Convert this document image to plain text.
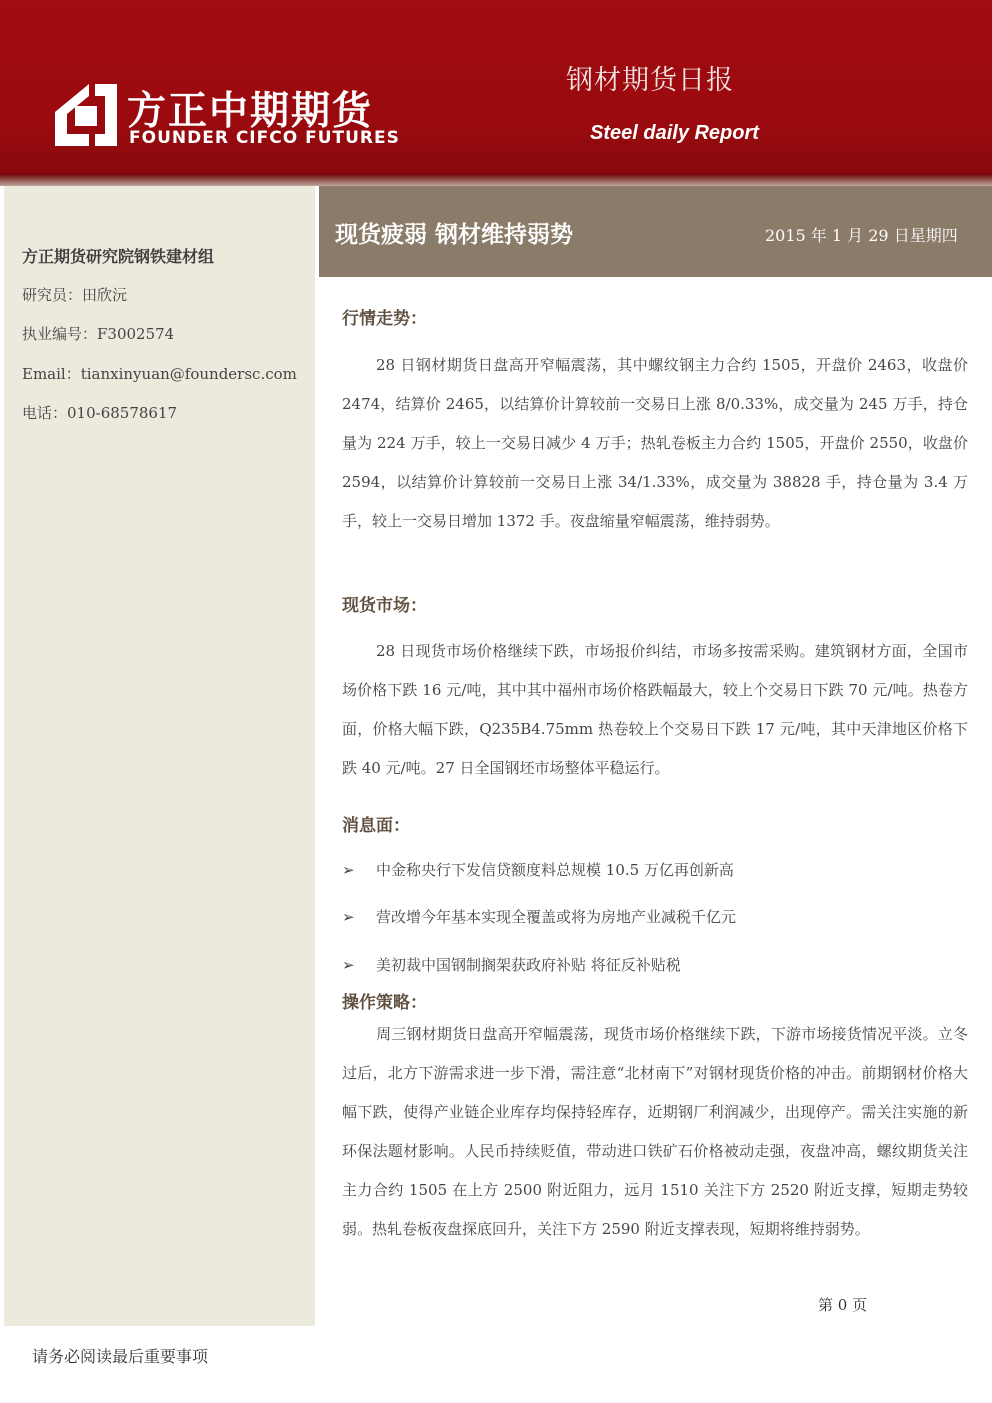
方正中期期货
FOUNDER CIFCO FUTURES
钢材期货日报
Steel daily Report
方正期货研究院钢铁建材组
研究员：田欣沅
执业编号：F3002574
Email：tianxinyuan@foundersc.com
电话：010-68578617
现货疲弱 钢材维持弱势	2015 年 1 月 29 日星期四
行情走势：

28 日钢材期货日盘高开窄幅震荡，其中螺纹钢主力合约 1505，开盘价 2463，收盘价 2474，结算价 2465，以结算价计算较前一交易日上涨 8/0.33%，成交量为 245 万手，持仓量为 224 万手，较上一交易日减少 4 万手；热轧卷板主力合约 1505，开盘价 2550，收盘价 2594，以结算价计算较前一交易日上涨 34/1.33%，成交量为 38828 手，持仓量为 3.4 万手，较上一交易日增加 1372 手。夜盘缩量窄幅震荡，维持弱势。

现货市场：

28 日现货市场价格继续下跌，市场报价纠结，市场多按需采购。建筑钢材方面，全国市场价格下跌 16 元/吨，其中其中福州市场价格跌幅最大，较上个交易日下跌 70 元/吨。热卷方面，价格大幅下跌，Q235B4.75mm 热卷较上个交易日下跌 17 元/吨，其中天津地区价格下跌 40 元/吨。27 日全国钢坯市场整体平稳运行。

消息面：
➢ 中金称央行下发信贷额度料总规模 10.5 万亿再创新高
➢ 营改增今年基本实现全覆盖或将为房地产业减税千亿元
➢ 美初裁中国钢制搁架获政府补贴 将征反补贴税
操作策略：

周三钢材期货日盘高开窄幅震荡，现货市场价格继续下跌，下游市场接货情况平淡。立冬过后，北方下游需求进一步下滑，需注意“北材南下”对钢材现货价格的冲击。前期钢材价格大幅下跌，使得产业链企业库存均保持轻库存，近期钢厂利润减少，出现停产。需关注实施的新环保法题材影响。人民币持续贬值，带动进口铁矿石价格被动走强，夜盘冲高，螺纹期货关注主力合约 1505 在上方 2500 附近阻力，远月 1510 关注下方 2520 附近支撑，短期走势较弱。热轧卷板夜盘探底回升，关注下方 2590 附近支撑表现，短期将维持弱势。

第 0 页
请务必阅读最后重要事项
